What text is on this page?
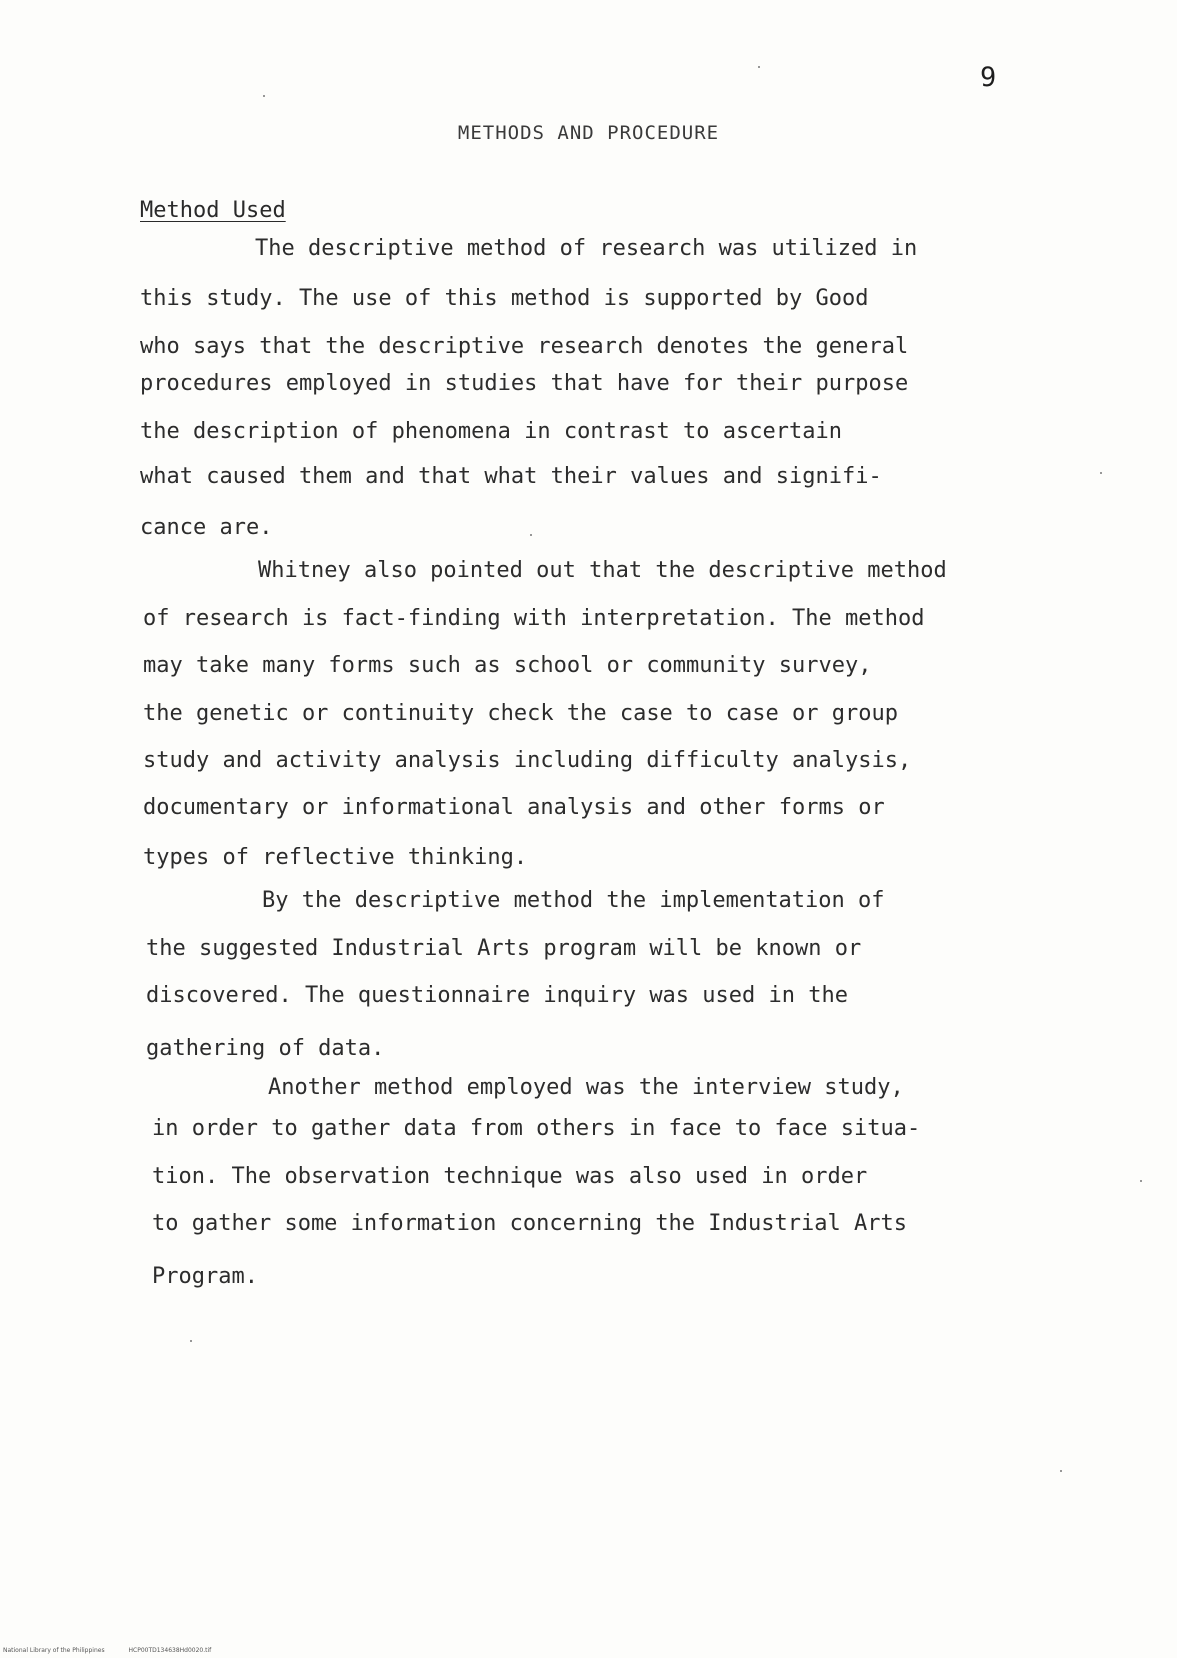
9
METHODS AND PROCEDURE
Method Used
The descriptive method of research was utilized in
this study. The use of this method is supported by Good
who says that the descriptive research denotes the general
procedures employed in studies that have for their purpose
the description of phenomena in contrast to ascertain
what caused them and that what their values and signifi-
cance are.
Whitney also pointed out that the descriptive method
of research is fact-finding with interpretation. The method
may take many forms such as school or community survey,
the genetic or continuity check the case to case or group
study and activity analysis including difficulty analysis,
documentary or informational analysis and other forms or
types of reflective thinking.
By the descriptive method the implementation of
the suggested Industrial Arts program will be known or
discovered. The questionnaire inquiry was used in the
gathering of data.
Another method employed was the interview study,
in order to gather data from others in face to face situa-
tion. The observation technique was also used in order
to gather some information concerning the Industrial Arts
Program.
National Library of the Philippines	HCP00TD134638Hd0020.tif
